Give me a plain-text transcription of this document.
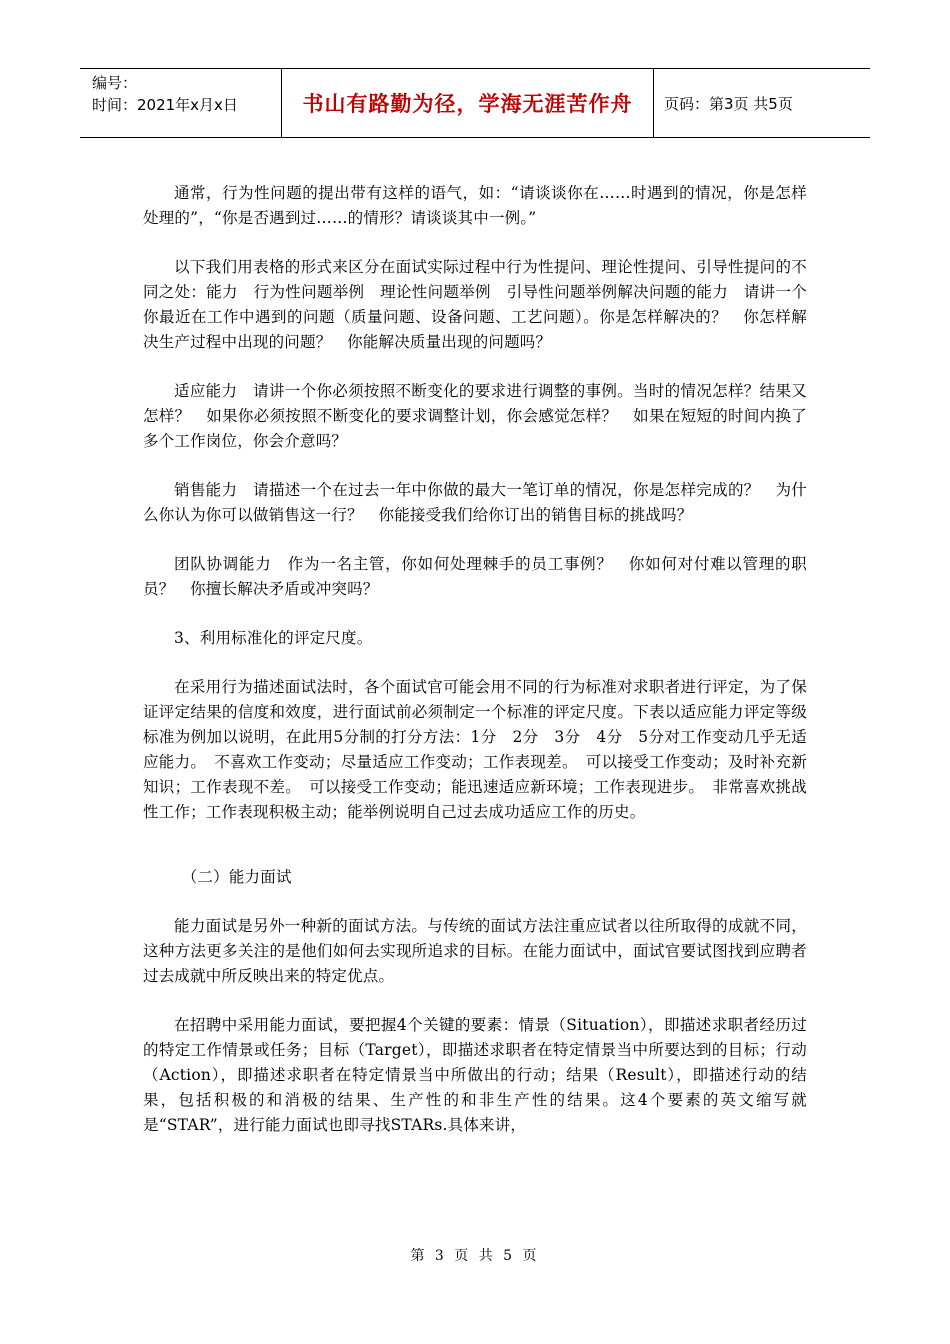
编号：
时间：2021年x月x日	书山有路勤为径，学海无涯苦作舟 页码：第3页 共5页

通常，行为性问题的提出带有这样的语气，如：“请谈谈你在……时遇到的情况，你是怎样处理的”，“你是否遇到过……的情形？请谈谈其中一例。”

以下我们用表格的形式来区分在面试实际过程中行为性提问、理论性提问、引导性提问的不同之处：能力　行为性问题举例　理论性问题举例　引导性问题举例解决问题的能力　请讲一个你最近在工作中遇到的问题（质量问题、设备问题、工艺问题）。你是怎样解决的？　你怎样解决生产过程中出现的问题？　你能解决质量出现的问题吗？

适应能力　请讲一个你必须按照不断变化的要求进行调整的事例。当时的情况怎样？结果又怎样？　如果你必须按照不断变化的要求调整计划，你会感觉怎样？　如果在短短的时间内换了多个工作岗位，你会介意吗？

销售能力　请描述一个在过去一年中你做的最大一笔订单的情况，你是怎样完成的？　为什么你认为你可以做销售这一行？　你能接受我们给你订出的销售目标的挑战吗？

团队协调能力　作为一名主管，你如何处理棘手的员工事例？　你如何对付难以管理的职员？　你擅长解决矛盾或冲突吗？

3、利用标准化的评定尺度。

在采用行为描述面试法时，各个面试官可能会用不同的行为标准对求职者进行评定，为了保证评定结果的信度和效度，进行面试前必须制定一个标准的评定尺度。下表以适应能力评定等级标准为例加以说明，在此用5分制的打分方法：1分　2分　3分　4分　5分对工作变动几乎无适应能力。　不喜欢工作变动；尽量适应工作变动；工作表现差。　可以接受工作变动；及时补充新知识；工作表现不差。　可以接受工作变动；能迅速适应新环境；工作表现进步。　非常喜欢挑战性工作；工作表现积极主动；能举例说明自己过去成功适应工作的历史。

（二）能力面试

能力面试是另外一种新的面试方法。与传统的面试方法注重应试者以往所取得的成就不同，这种方法更多关注的是他们如何去实现所追求的目标。在能力面试中，面试官要试图找到应聘者过去成就中所反映出来的特定优点。

在招聘中采用能力面试，要把握4个关键的要素：情景（Situation），即描述求职者经历过的特定工作情景或任务；目标（Target），即描述求职者在特定情景当中所要达到的目标；行动（Action），即描述求职者在特定情景当中所做出的行动；结果（Result），即描述行动的结果，包括积极的和消极的结果、生产性的和非生产性的结果。这4个要素的英文缩写就是“STAR”，进行能力面试也即寻找STARs.具体来讲，

第 3 页 共 5 页
